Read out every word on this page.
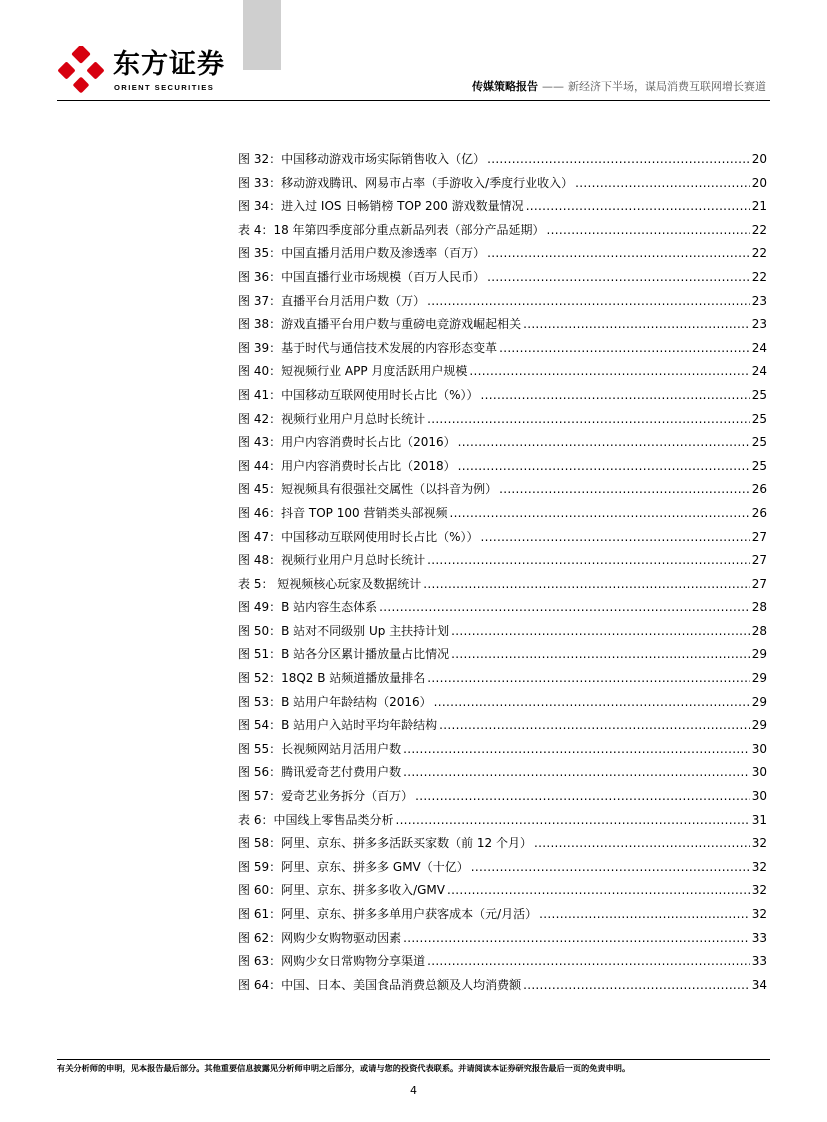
东方证券
ORIENT SECURITIES	传媒策略报告 —— 新经济下半场，谋局消费互联网增长赛道
图 32：中国移动游戏市场实际销售收入（亿） .....	20
图 33：移动游戏腾讯、网易市占率（手游收入/季度行业收入） .....	20
图 34：进入过 IOS 日畅销榜 TOP 200 游戏数量情况 .....	21
表 4：18 年第四季度部分重点新品列表（部分产品延期） .....	22
图 35：中国直播月活用户数及渗透率（百万） .....	22
图 36：中国直播行业市场规模（百万人民币） .....	22
图 37：直播平台月活用户数（万） .....	23
图 38：游戏直播平台用户数与重磅电竞游戏崛起相关 .....	23
图 39：基于时代与通信技术发展的内容形态变革 .....	24
图 40：短视频行业 APP 月度活跃用户规模 .....	24
图 41：中国移动互联网使用时长占比（%）） .....	25
图 42：视频行业用户月总时长统计 .....	25
图 43：用户内容消费时长占比（2016） .....	25
图 44：用户内容消费时长占比（2018） .....	25
图 45：短视频具有很强社交属性（以抖音为例） .....	26
图 46：抖音 TOP 100 营销类头部视频 .....	26
图 47：中国移动互联网使用时长占比（%）） .....	27
图 48：视频行业用户月总时长统计 .....	27
表 5： 短视频核心玩家及数据统计 .....	27
图 49：B 站内容生态体系 .....	28
图 50：B 站对不同级别 Up 主扶持计划 .....	28
图 51：B 站各分区累计播放量占比情况 .....	29
图 52：18Q2 B 站频道播放量排名 .....	29
图 53：B 站用户年龄结构（2016） .....	29
图 54：B 站用户入站时平均年龄结构 .....	29
图 55：长视频网站月活用户数 .....	30
图 56：腾讯爱奇艺付费用户数 .....	30
图 57：爱奇艺业务拆分（百万） .....	30
表 6：中国线上零售品类分析 .....	31
图 58：阿里、京东、拼多多活跃买家数（前 12 个月） .....	32
图 59：阿里、京东、拼多多 GMV（十亿） .....	32
图 60：阿里、京东、拼多多收入/GMV .....	32
图 61：阿里、京东、拼多多单用户获客成本（元/月活） .....	32
图 62：网购少女购物驱动因素 .....	33
图 63：网购少女日常购物分享渠道 .....	33
图 64：中国、日本、美国食品消费总额及人均消费额 .....	34
有关分析师的申明，见本报告最后部分。其他重要信息披露见分析师申明之后部分，或请与您的投资代表联系。并请阅读本证券研究报告最后一页的免责申明。
4
